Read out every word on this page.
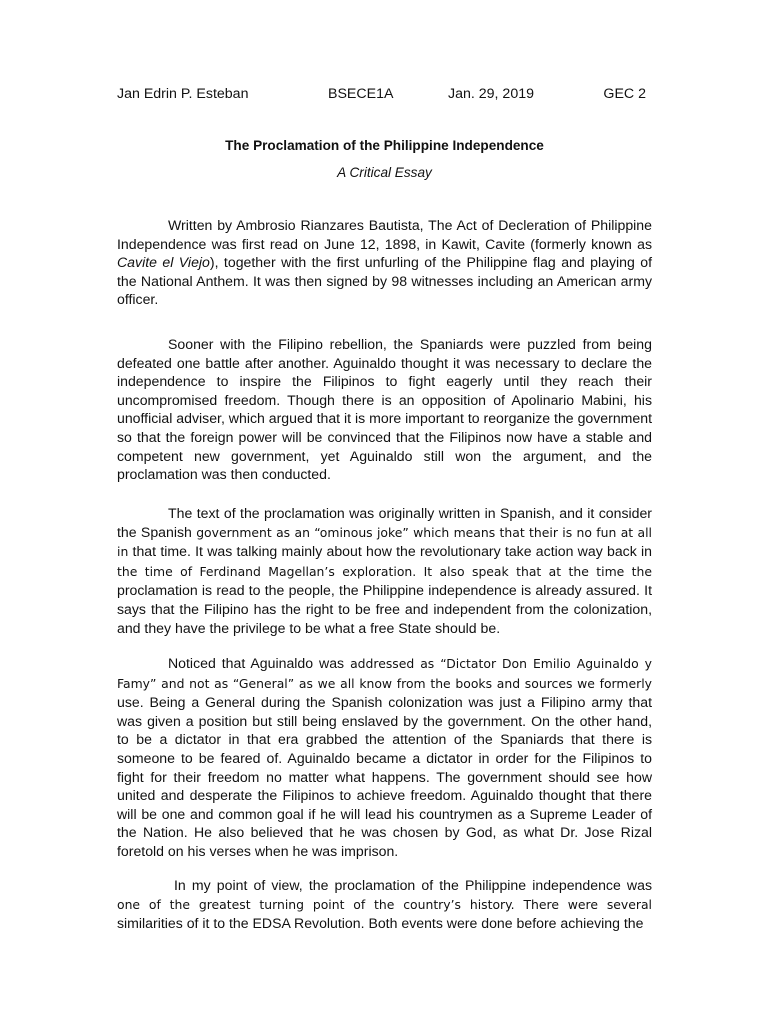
Jan Edrin P. Esteban	BSECE1A	Jan. 29, 2019	GEC 2
The Proclamation of the Philippine Independence
A Critical Essay

Written by Ambrosio Rianzares Bautista, The Act of Decleration of Philippine Independence was first read on June 12, 1898, in Kawit, Cavite (formerly known as Cavite el Viejo), together with the first unfurling of the Philippine flag and playing of the National Anthem. It was then signed by 98 witnesses including an American army officer.

Sooner with the Filipino rebellion, the Spaniards were puzzled from being defeated one battle after another. Aguinaldo thought it was necessary to declare the independence to inspire the Filipinos to fight eagerly until they reach their uncompromised freedom. Though there is an opposition of Apolinario Mabini, his unofficial adviser, which argued that it is more important to reorganize the government so that the foreign power will be convinced that the Filipinos now have a stable and competent new government, yet Aguinaldo still won the argument, and the proclamation was then conducted.

The text of the proclamation was originally written in Spanish, and it consider the Spanish government as an “ominous joke” which means that their is no fun at all in that time. It was talking mainly about how the revolutionary take action way back in the time of Ferdinand Magellan’s exploration. It also speak that at the time the proclamation is read to the people, the Philippine independence is already assured. It says that the Filipino has the right to be free and independent from the colonization, and they have the privilege to be what a free State should be.

Noticed that Aguinaldo was addressed as “Dictator Don Emilio Aguinaldo y Famy” and not as “General” as we all know from the books and sources we formerly use. Being a General during the Spanish colonization was just a Filipino army that was given a position but still being enslaved by the government. On the other hand, to be a dictator in that era grabbed the attention of the Spaniards that there is someone to be feared of. Aguinaldo became a dictator in order for the Filipinos to fight for their freedom no matter what happens. The government should see how united and desperate the Filipinos to achieve freedom. Aguinaldo thought that there will be one and common goal if he will lead his countrymen as a Supreme Leader of the Nation. He also believed that he was chosen by God, as what Dr. Jose Rizal foretold on his verses when he was imprison.

In my point of view, the proclamation of the Philippine independence was one of the greatest turning point of the country’s history. There were several similarities of it to the EDSA Revolution. Both events were done before achieving the
